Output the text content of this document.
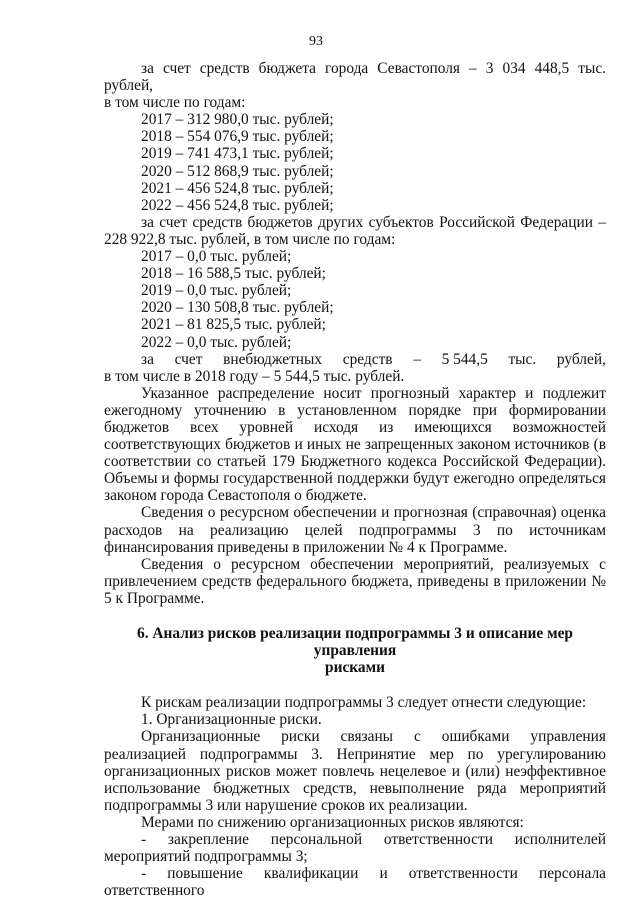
93

за счет средств бюджета города Севастополя – 3 034 448,5 тыс. рублей,

в том числе по годам:

2017 – 312 980,0 тыс. рублей;

2018 – 554 076,9 тыс. рублей;

2019 – 741 473,1 тыс. рублей;

2020 – 512 868,9 тыс. рублей;

2021 – 456 524,8 тыс. рублей;

2022 – 456 524,8 тыс. рублей;

за счет средств бюджетов других субъектов Российской Федерации –

228 922,8 тыс. рублей, в том числе по годам:

2017 – 0,0 тыс. рублей;

2018 – 16 588,5 тыс. рублей;

2019 – 0,0 тыс. рублей;

2020 – 130 508,8 тыс. рублей;

2021 – 81 825,5 тыс. рублей;

2022 – 0,0 тыс. рублей;

за счет внебюджетных средств – 5 544,5 тыс. рублей,

в том числе в 2018 году – 5 544,5 тыс. рублей.

Указанное распределение носит прогнозный характер и подлежит ежегодному уточнению в установленном порядке при формировании бюджетов всех уровней исходя из имеющихся возможностей соответствующих бюджетов и иных не запрещенных законом источников (в соответствии со статьей 179 Бюджетного кодекса Российской Федерации). Объемы и формы государственной поддержки будут ежегодно определяться законом города Севастополя о бюджете.

Сведения о ресурсном обеспечении и прогнозная (справочная) оценка расходов на реализацию целей подпрограммы 3 по источникам финансирования приведены в приложении № 4 к Программе.

Сведения о ресурсном обеспечении мероприятий, реализуемых с привлечением средств федерального бюджета, приведены в приложении № 5 к Программе.

6. Анализ рисков реализации подпрограммы 3 и описание мер управления

рисками

К рискам реализации подпрограммы 3 следует отнести следующие:

1. Организационные риски.

Организационные риски связаны с ошибками управления реализацией подпрограммы 3. Непринятие мер по урегулированию организационных рисков может повлечь нецелевое и (или) неэффективное использование бюджетных средств, невыполнение ряда мероприятий подпрограммы 3 или нарушение сроков их реализации.

Мерами по снижению организационных рисков являются:

- закрепление персональной ответственности исполнителей мероприятий подпрограммы 3;

- повышение квалификации и ответственности персонала ответственного
